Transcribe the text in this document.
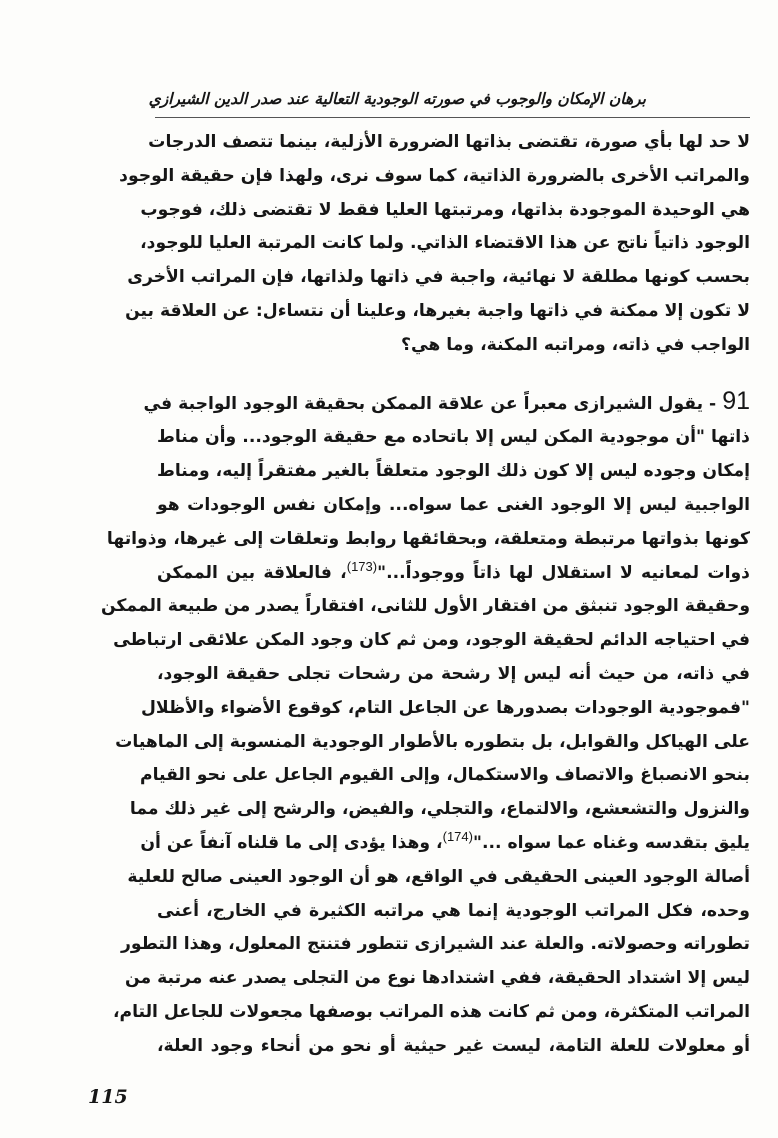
برهان الإمكان والوجوب في صورته الوجودية التعالية عند صدر الدين الشيرازي

لا حد لها بأي صورة، تقتضى بذاتها الضرورة الأزلية، بينما تتصف الدرجات
والمراتب الأخرى بالضرورة الذاتية، كما سوف نرى، ولهذا فإن حقيقة الوجود
هي الوحيدة الموجودة بذاتها، ومرتبتها العليا فقط لا تقتضى ذلك، فوجوب
الوجود ذاتياً ناتج عن هذا الاقتضاء الذاتي. ولما كانت المرتبة العليا للوجود،
بحسب كونها مطلقة لا نهائية، واجبة في ذاتها ولذاتها، فإن المراتب الأخرى
لا تكون إلا ممكنة في ذاتها واجبة بغيرها، وعلينا أن نتساءل: عن العلاقة بين
الواجب في ذاته، ومراتبه المكنة، وما هي؟

91 - يقول الشيرازى معبراً عن علاقة الممكن بحقيقة الوجود الواجبة في
ذاتها "أن موجودية المكن ليس إلا باتحاده مع حقيقة الوجود... وأن مناط
إمكان وجوده ليس إلا كون ذلك الوجود متعلقاً بالغير مفتقراً إليه، ومناط
الواجبية ليس إلا الوجود الغنى عما سواه... وإمكان نفس الوجودات هو
كونها بذواتها مرتبطة ومتعلقة، وبحقائقها روابط وتعلقات إلى غيرها، وذواتها
ذوات لمعانيه لا استقلال لها ذاتاً ووجوداً..."$^{(173)}$، فالعلاقة بين الممكن
وحقيقة الوجود تنبثق من افتقار الأول للثانى، افتقاراً يصدر من طبيعة الممكن
في احتياجه الدائم لحقيقة الوجود، ومن ثم كان وجود المكن علائقى ارتباطى
في ذاته، من حيث أنه ليس إلا رشحة من رشحات تجلى حقيقة الوجود،
"فموجودية الوجودات بصدورها عن الجاعل التام، كوقوع الأضواء والأظلال
على الهياكل والقوابل، بل بتطوره بالأطوار الوجودية المنسوبة إلى الماهيات
بنحو الانصباغ والاتصاف والاستكمال، وإلى القيوم الجاعل على نحو القيام
والنزول والتشعشع، والالتماع، والتجلي، والفيض، والرشح إلى غير ذلك مما
يليق بتقدسه وغناه عما سواه ..."$^{(174)}$، وهذا يؤدى إلى ما قلناه آنفاً عن أن
أصالة الوجود العينى الحقيقى في الواقع، هو أن الوجود العينى صالح للعلية
وحده، فكل المراتب الوجودية إنما هي مراتبه الكثيرة في الخارج، أعنى
تطوراته وحصولاته. والعلة عند الشيرازى تتطور فتنتج المعلول، وهذا التطور
ليس إلا اشتداد الحقيقة، ففي اشتدادها نوع من التجلى يصدر عنه مرتبة من
المراتب المتكثرة، ومن ثم كانت هذه المراتب بوصفها مجعولات للجاعل التام،
أو معلولات للعلة التامة، ليست غير حيثية أو نحو من أنحاء وجود العلة،

115
